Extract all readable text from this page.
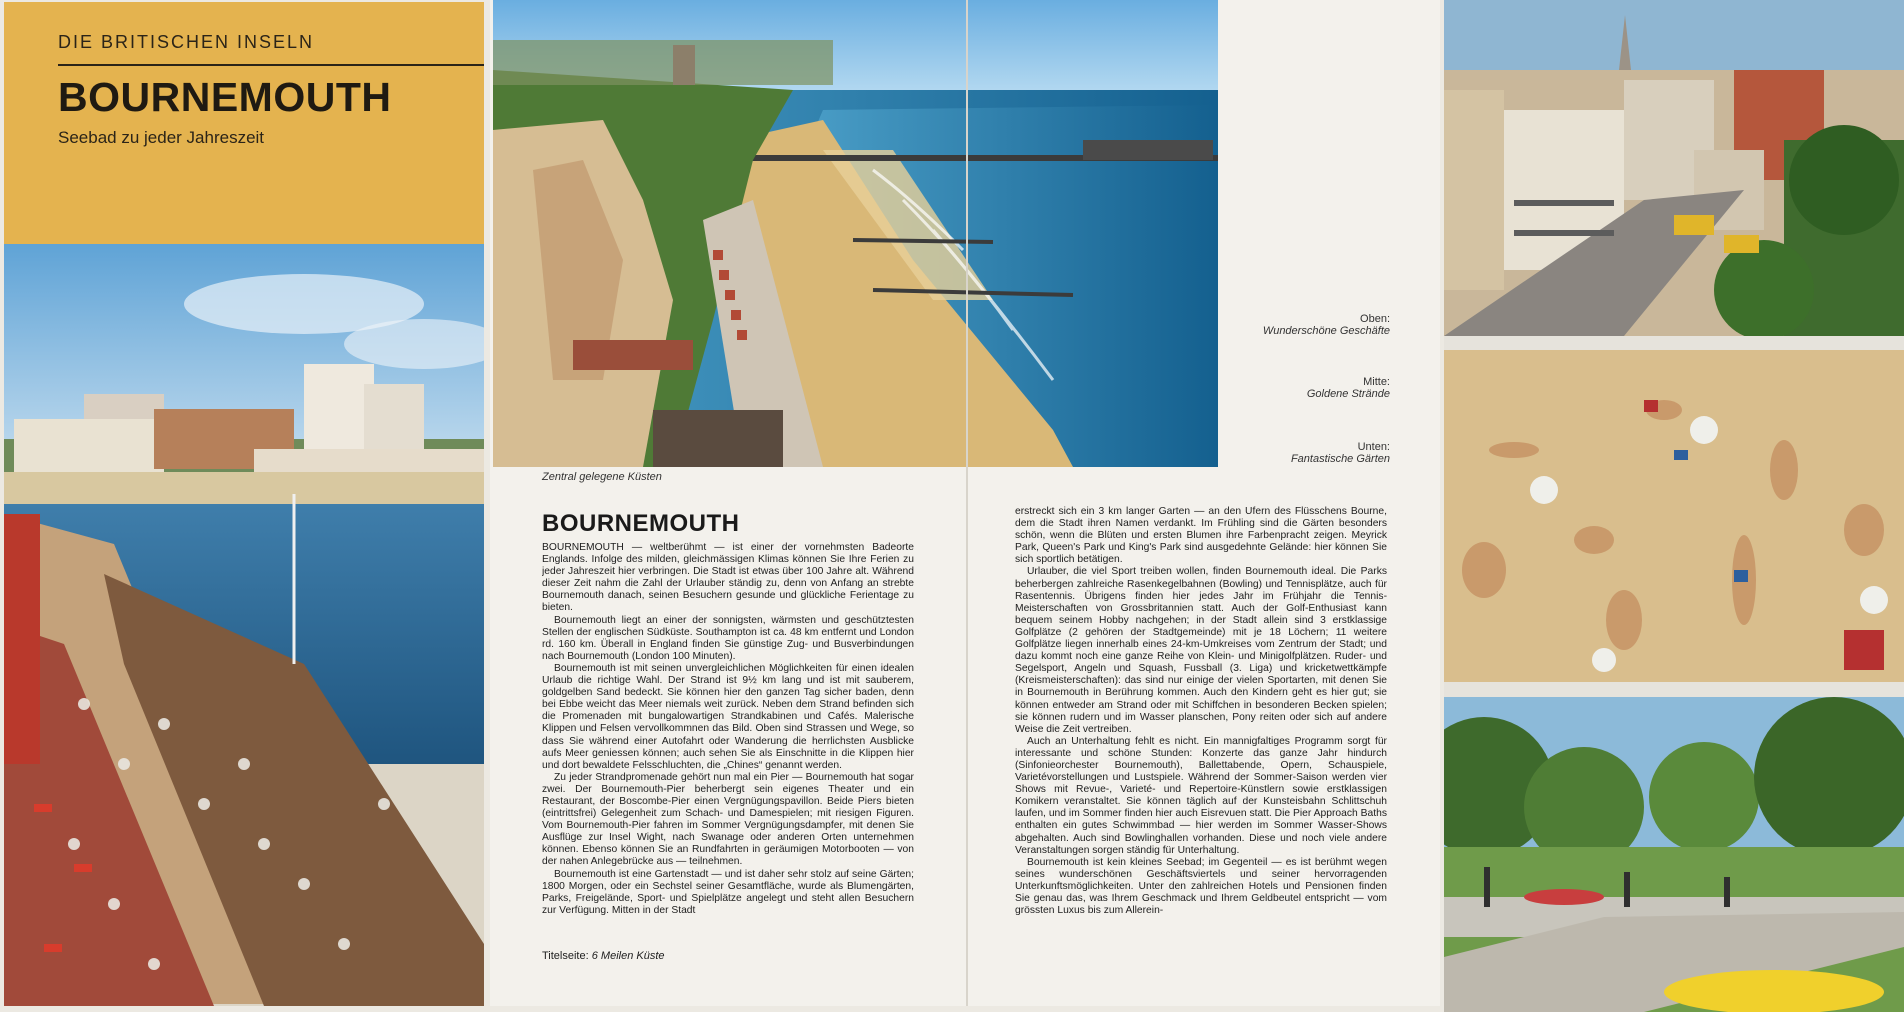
DIE BRITISCHEN INSELN
BOURNEMOUTH
Seebad zu jeder Jahreszeit
Zentral gelegene Küsten
Oben:
Wunderschöne Geschäfte
Mitte:
Goldene Strände
Unten:
Fantastische Gärten
BOURNEMOUTH

BOURNEMOUTH — weltberühmt — ist einer der vornehmsten Badeorte Englands. Infolge des milden, gleichmässigen Klimas können Sie Ihre Ferien zu jeder Jahreszeit hier verbringen. Die Stadt ist etwas über 100 Jahre alt. Während dieser Zeit nahm die Zahl der Urlauber ständig zu, denn von Anfang an strebte Bournemouth danach, seinen Besuchern gesunde und glückliche Ferientage zu bieten.

Bournemouth liegt an einer der sonnigsten, wärmsten und geschütztesten Stellen der englischen Südküste. Southampton ist ca. 48 km entfernt und London rd. 160 km. Überall in England finden Sie günstige Zug- und Busverbindungen nach Bournemouth (London 100 Minuten).

Bournemouth ist mit seinen unvergleichlichen Möglichkeiten für einen idealen Urlaub die richtige Wahl. Der Strand ist 9½ km lang und ist mit sauberem, goldgelben Sand bedeckt. Sie können hier den ganzen Tag sicher baden, denn bei Ebbe weicht das Meer niemals weit zurück. Neben dem Strand befinden sich die Promenaden mit bungalowartigen Strandkabinen und Cafés. Malerische Klippen und Felsen vervollkommnen das Bild. Oben sind Strassen und Wege, so dass Sie während einer Autofahrt oder Wanderung die herrlichsten Ausblicke aufs Meer geniessen können; auch sehen Sie als Einschnitte in die Klippen hier und dort bewaldete Felsschluchten, die „Chines“ genannt werden.

Zu jeder Strandpromenade gehört nun mal ein Pier — Bournemouth hat sogar zwei. Der Bournemouth-Pier beherbergt sein eigenes Theater und ein Restaurant, der Boscombe-Pier einen Vergnügungspavillon. Beide Piers bieten (eintrittsfrei) Gelegenheit zum Schach- und Damespielen; mit riesigen Figuren. Vom Bournemouth-Pier fahren im Sommer Vergnügungsdampfer, mit denen Sie Ausflüge zur Insel Wight, nach Swanage oder anderen Orten unternehmen können. Ebenso können Sie an Rundfahrten in geräumigen Motorbooten — von der nahen Anlegebrücke aus — teilnehmen.

Bournemouth ist eine Gartenstadt — und ist daher sehr stolz auf seine Gärten; 1800 Morgen, oder ein Sechstel seiner Gesamtfläche, wurde als Blumengärten, Parks, Freigelände, Sport- und Spielplätze angelegt und steht allen Besuchern zur Verfügung. Mitten in der Stadt

Titelseite: 6 Meilen Küste

erstreckt sich ein 3 km langer Garten — an den Ufern des Flüsschens Bourne, dem die Stadt ihren Namen verdankt. Im Frühling sind die Gärten besonders schön, wenn die Blüten und ersten Blumen ihre Farbenpracht zeigen. Meyrick Park, Queen's Park und King's Park sind ausgedehnte Gelände: hier können Sie sich sportlich betätigen.

Urlauber, die viel Sport treiben wollen, finden Bournemouth ideal. Die Parks beherbergen zahlreiche Rasenkegelbahnen (Bowling) und Tennisplätze, auch für Rasentennis. Übrigens finden hier jedes Jahr im Frühjahr die Tennis-Meisterschaften von Grossbritannien statt. Auch der Golf-Enthusiast kann bequem seinem Hobby nachgehen; in der Stadt allein sind 3 erstklassige Golfplätze (2 gehören der Stadtgemeinde) mit je 18 Löchern; 11 weitere Golfplätze liegen innerhalb eines 24-km-Umkreises vom Zentrum der Stadt; und dazu kommt noch eine ganze Reihe von Klein- und Minigolfplätzen. Ruder- und Segelsport, Angeln und Squash, Fussball (3. Liga) und kricketwettkämpfe (Kreismeisterschaften): das sind nur einige der vielen Sportarten, mit denen Sie in Bournemouth in Berührung kommen. Auch den Kindern geht es hier gut; sie können entweder am Strand oder mit Schiffchen in besonderen Becken spielen; sie können rudern und im Wasser planschen, Pony reiten oder sich auf andere Weise die Zeit vertreiben.

Auch an Unterhaltung fehlt es nicht. Ein mannigfaltiges Programm sorgt für interessante und schöne Stunden: Konzerte das ganze Jahr hindurch (Sinfonieorchester Bournemouth), Ballettabende, Opern, Schauspiele, Varietévorstellungen und Lustspiele. Während der Sommer-Saison werden vier Shows mit Revue-, Varieté- und Repertoire-Künstlern sowie erstklassigen Komikern veranstaltet. Sie können täglich auf der Kunsteisbahn Schlittschuh laufen, und im Sommer finden hier auch Eisrevuen statt. Die Pier Approach Baths enthalten ein gutes Schwimmbad — hier werden im Sommer Wasser-Shows abgehalten. Auch sind Bowlinghallen vorhanden. Diese und noch viele andere Veranstaltungen sorgen ständig für Unterhaltung.

Bournemouth ist kein kleines Seebad; im Gegenteil — es ist berühmt wegen seines wunderschönen Geschäftsviertels und seiner hervorragenden Unterkunftsmöglichkeiten. Unter den zahlreichen Hotels und Pensionen finden Sie genau das, was Ihrem Geschmack und Ihrem Geldbeutel entspricht — vom grössten Luxus bis zum Allerein-
